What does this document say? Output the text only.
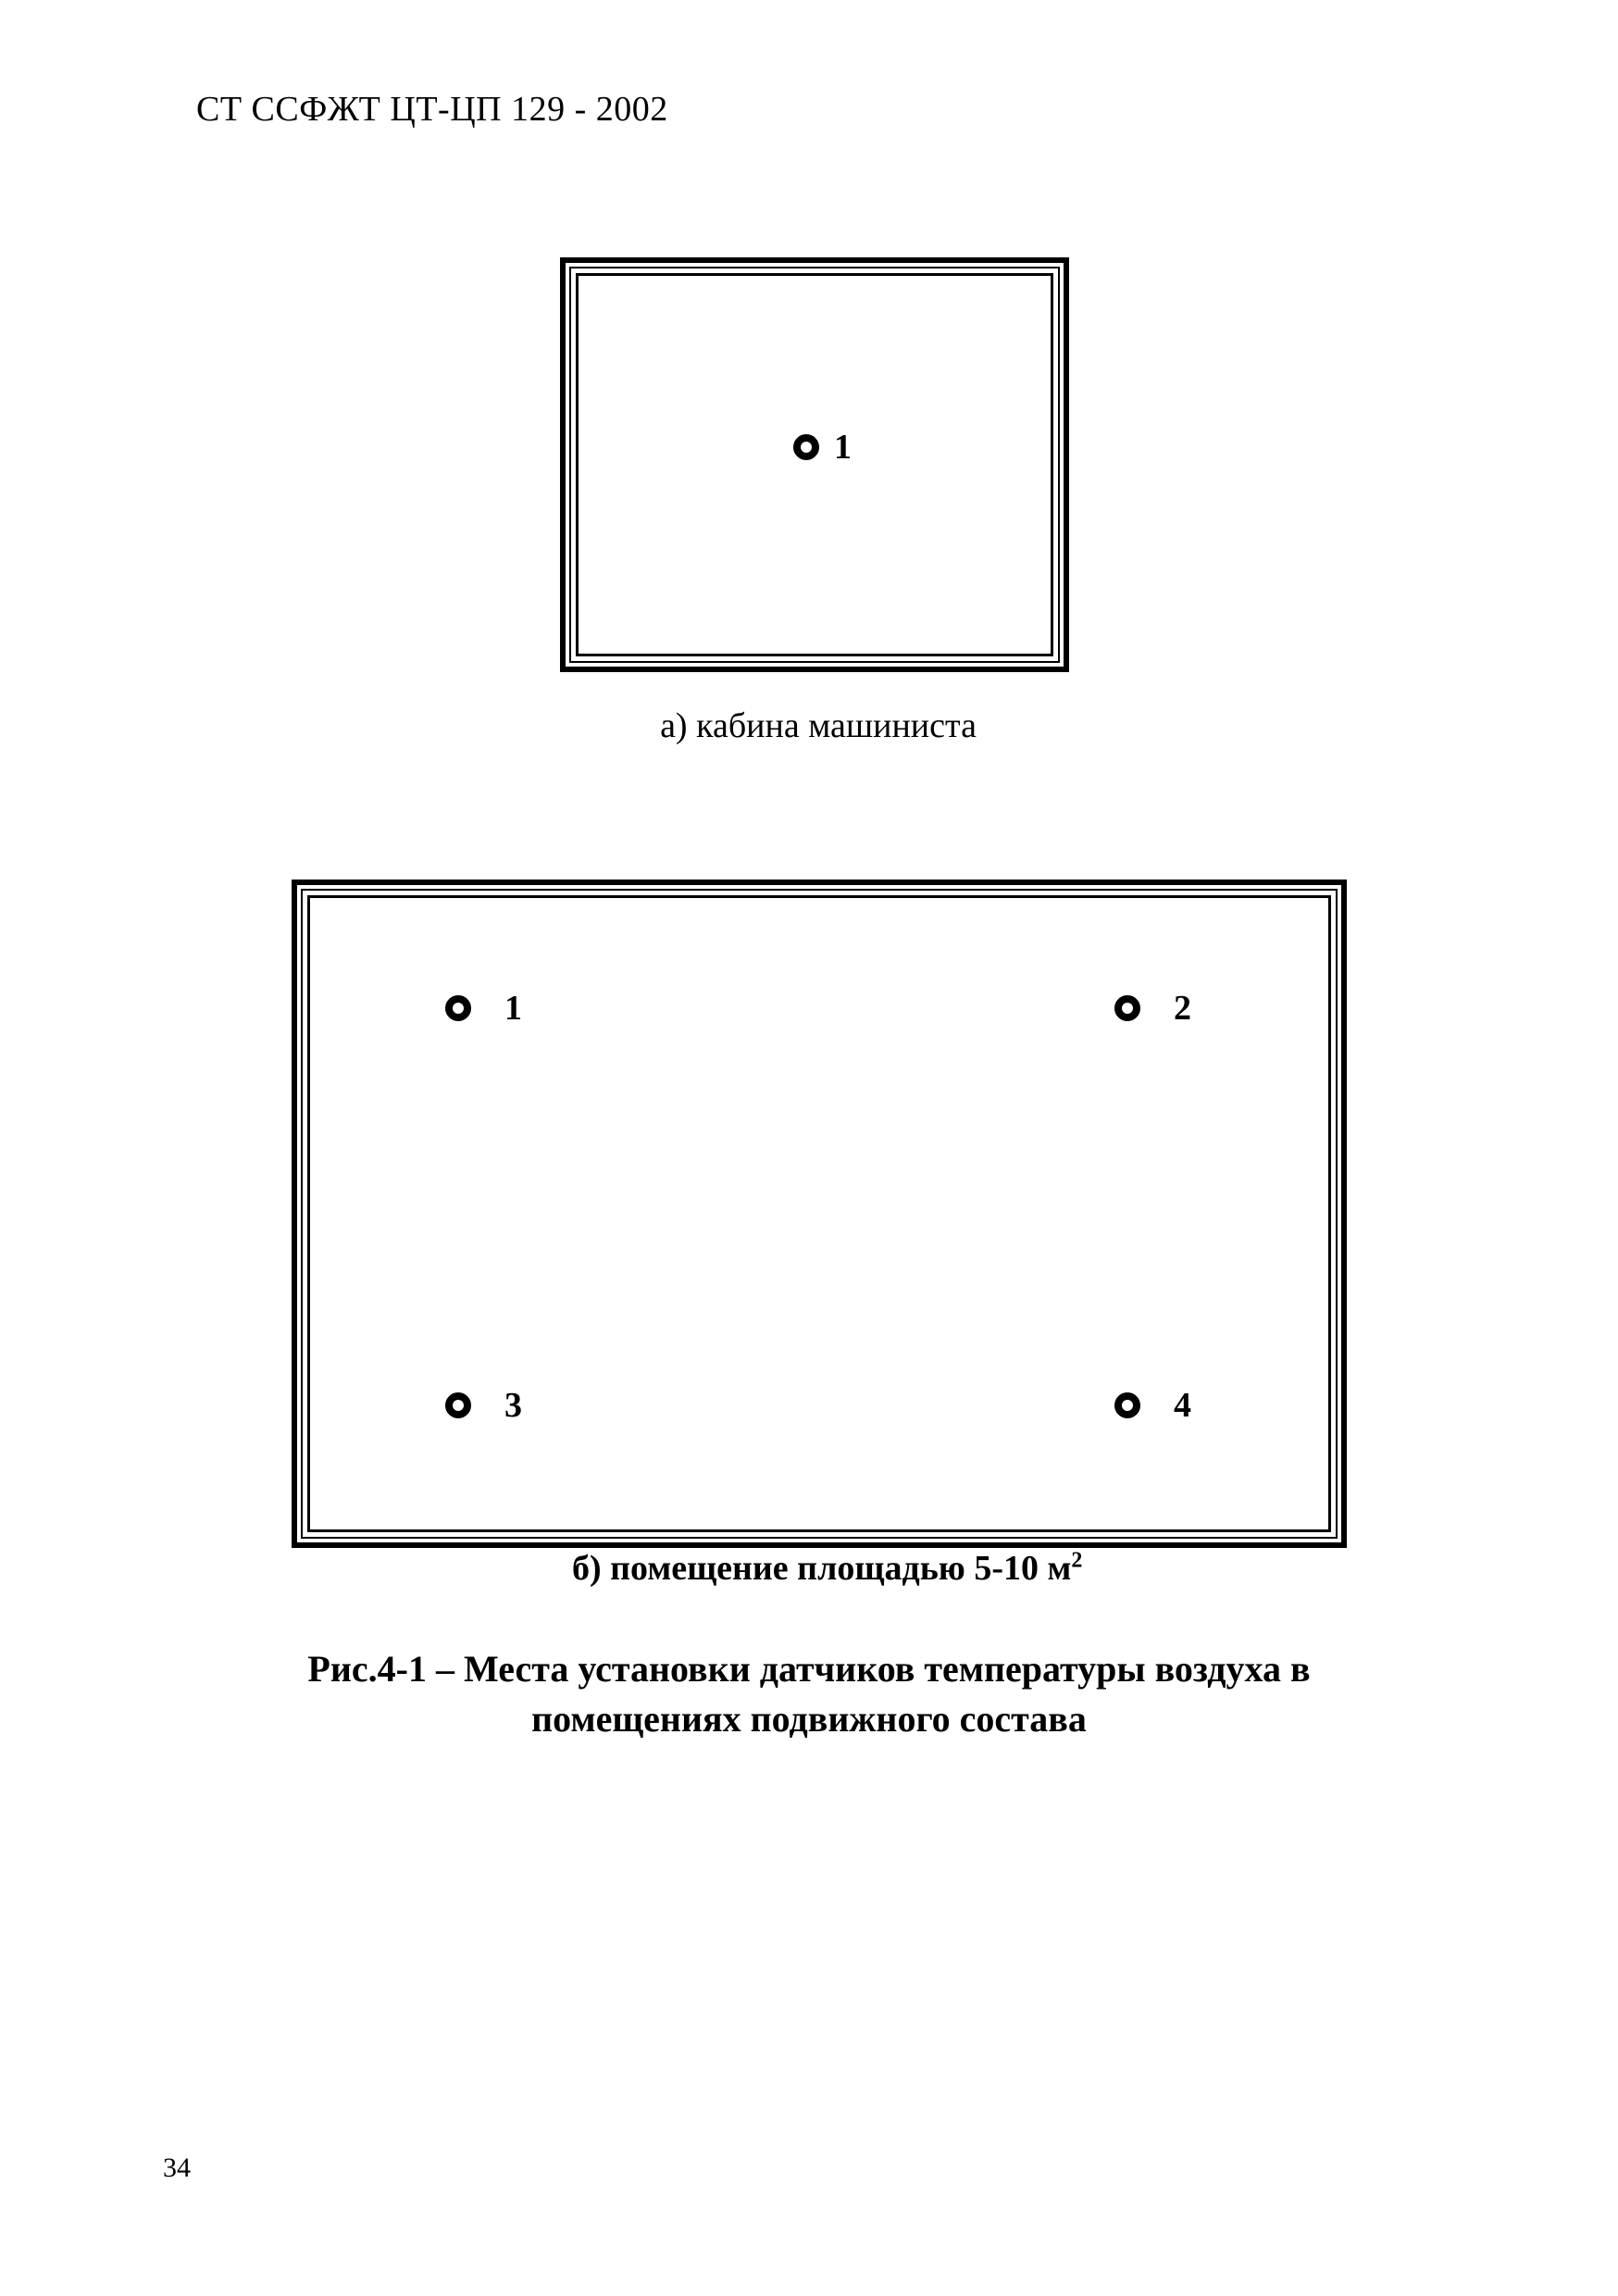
СТ ССФЖТ ЦТ-ЦП 129 - 2002
1
а) кабина машиниста
1	2
3	4
б) помещение площадью 5-10 $м^2$
Рис.4-1 – Места установки датчиков температуры воздуха в
помещениях подвижного состава
34
